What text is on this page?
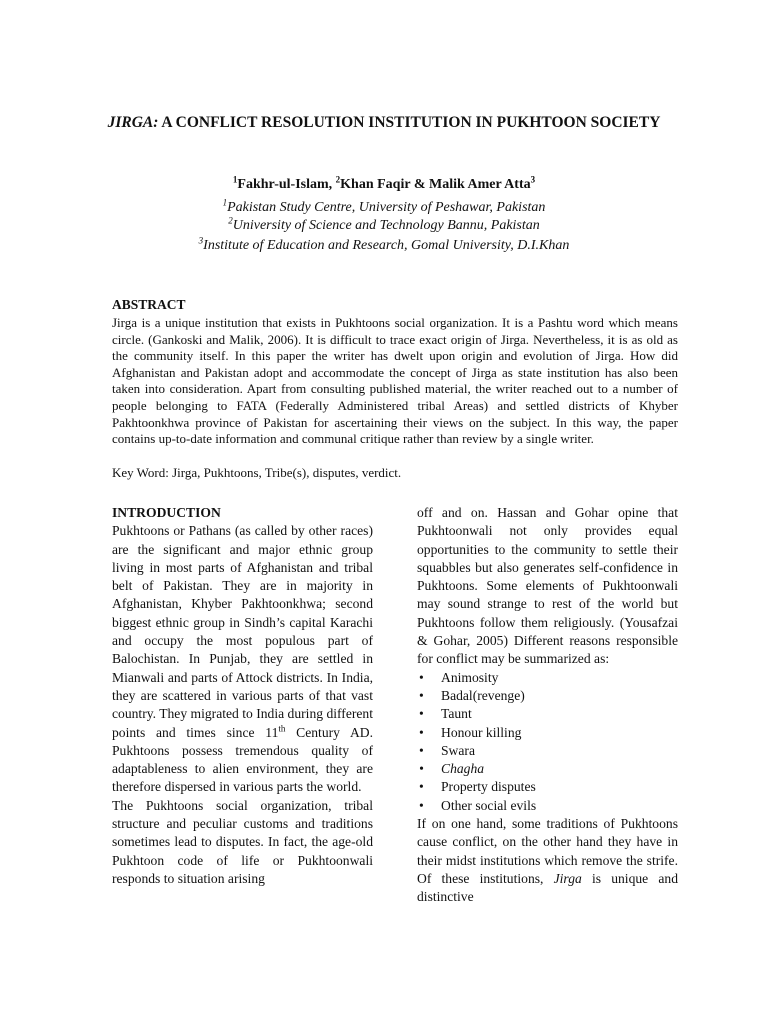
JIRGA: A CONFLICT RESOLUTION INSTITUTION IN PUKHTOON SOCIETY
$^1$Fakhr-ul-Islam, $^2$Khan Faqir & Malik Amer Atta$^3$
$^1$Pakistan Study Centre, University of Peshawar, Pakistan
$^2$University of Science and Technology Bannu, Pakistan
$^3$Institute of Education and Research, Gomal University, D.I.Khan
ABSTRACT
Jirga is a unique institution that exists in Pukhtoons social organization. It is a Pashtu word which means circle. (Gankoski and Malik, 2006). It is difficult to trace exact origin of Jirga. Nevertheless, it is as old as the community itself. In this paper the writer has dwelt upon origin and evolution of Jirga. How did Afghanistan and Pakistan adopt and accommodate the concept of Jirga as state institution has also been taken into consideration. Apart from consulting published material, the writer reached out to a number of people belonging to FATA (Federally Administered tribal Areas) and settled districts of Khyber Pakhtoonkhwa province of Pakistan for ascertaining their views on the subject. In this way, the paper contains up-to-date information and communal critique rather than review by a single writer.
Key Word: Jirga, Pukhtoons, Tribe(s), disputes, verdict.

INTRODUCTION

Pukhtoons or Pathans (as called by other races) are the significant and major ethnic group living in most parts of Afghanistan and tribal belt of Pakistan. They are in majority in Afghanistan, Khyber Pakhtoonkhwa; second biggest ethnic group in Sindh’s capital Karachi and occupy the most populous part of Balochistan. In Punjab, they are settled in Mianwali and parts of Attock districts. In India, they are scattered in various parts of that vast country. They migrated to India during different points and times since 11th Century AD. Pukhtoons possess tremendous quality of adaptableness to alien environment, they are therefore dispersed in various parts the world.

The Pukhtoons social organization, tribal structure and peculiar customs and traditions sometimes lead to disputes. In fact, the age-old Pukhtoon code of life or Pukhtoonwali responds to situation arising

off and on. Hassan and Gohar opine that Pukhtoonwali not only provides equal opportunities to the community to settle their squabbles but also generates self-confidence in Pukhtoons. Some elements of Pukhtoonwali may sound strange to rest of the world but Pukhtoons follow them religiously. (Yousafzai & Gohar, 2005) Different reasons responsible for conflict may be summarized as:

• Animosity
• Badal(revenge)
• Taunt
• Honour killing
• Swara
• Chagha
• Property disputes
• Other social evils

If on one hand, some traditions of Pukhtoons cause conflict, on the other hand they have in their midst institutions which remove the strife. Of these institutions, Jirga is unique and distinctive
